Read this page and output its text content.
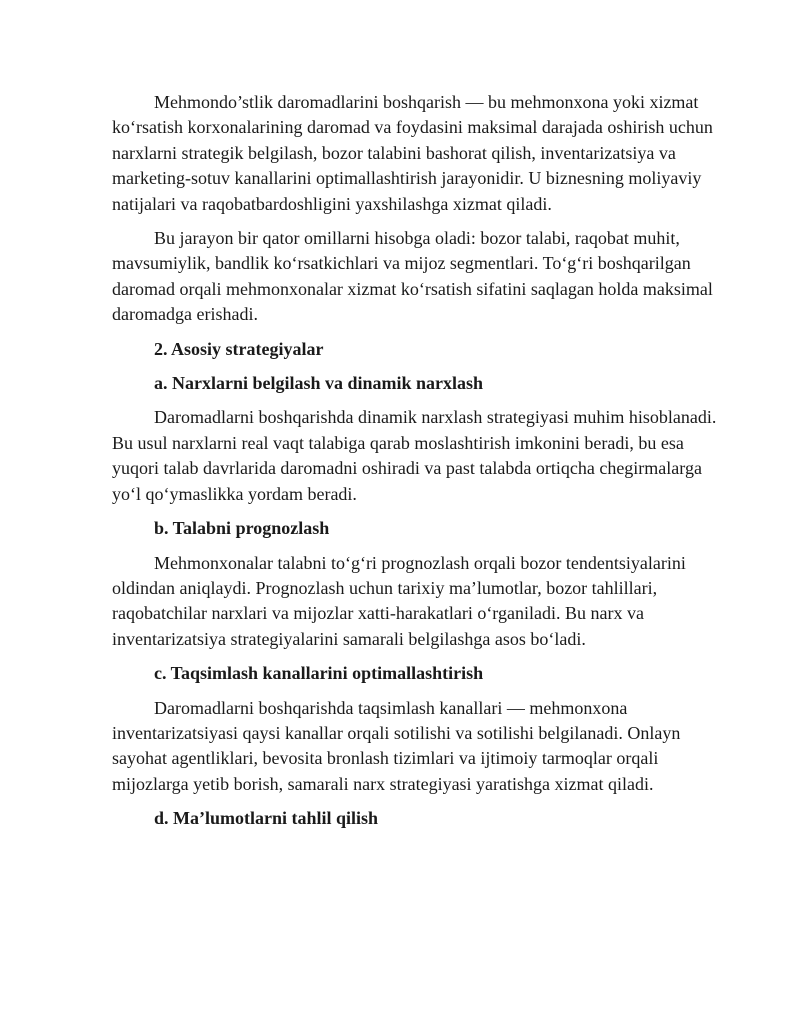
Mehmondo’stlik daromadlarini boshqarish — bu mehmonxona yoki xizmat ko‘rsatish korxonalarining daromad va foydasini maksimal darajada oshirish uchun narxlarni strategik belgilash, bozor talabini bashorat qilish, inventarizatsiya va marketing-sotuv kanallarini optimallashtirish jarayonidir. U biznesning moliyaviy natijalari va raqobatbardoshligini yaxshilashga xizmat qiladi.

Bu jarayon bir qator omillarni hisobga oladi: bozor talabi, raqobat muhit, mavsumiylik, bandlik ko‘rsatkichlari va mijoz segmentlari. To‘g‘ri boshqarilgan daromad orqali mehmonxonalar xizmat ko‘rsatish sifatini saqlagan holda maksimal daromadga erishadi.

2. Asosiy strategiyalar

a. Narxlarni belgilash va dinamik narxlash

Daromadlarni boshqarishda dinamik narxlash strategiyasi muhim hisoblanadi. Bu usul narxlarni real vaqt talabiga qarab moslashtirish imkonini beradi, bu esa yuqori talab davrlarida daromadni oshiradi va past talabda ortiqcha chegirmalarga yo‘l qo‘ymaslikka yordam beradi.

b. Talabni prognozlash

Mehmonxonalar talabni to‘g‘ri prognozlash orqali bozor tendentsiyalarini oldindan aniqlaydi. Prognozlash uchun tarixiy ma’lumotlar, bozor tahlillari, raqobatchilar narxlari va mijozlar xatti-harakatlari o‘rganiladi. Bu narx va inventarizatsiya strategiyalarini samarali belgilashga asos bo‘ladi.

c. Taqsimlash kanallarini optimallashtirish

Daromadlarni boshqarishda taqsimlash kanallari — mehmonxona inventarizatsiyasi qaysi kanallar orqali sotilishi va sotilishi belgilanadi. Onlayn sayohat agentliklari, bevosita bronlash tizimlari va ijtimoiy tarmoqlar orqali mijozlarga yetib borish, samarali narx strategiyasi yaratishga xizmat qiladi.

d. Ma’lumotlarni tahlil qilish
